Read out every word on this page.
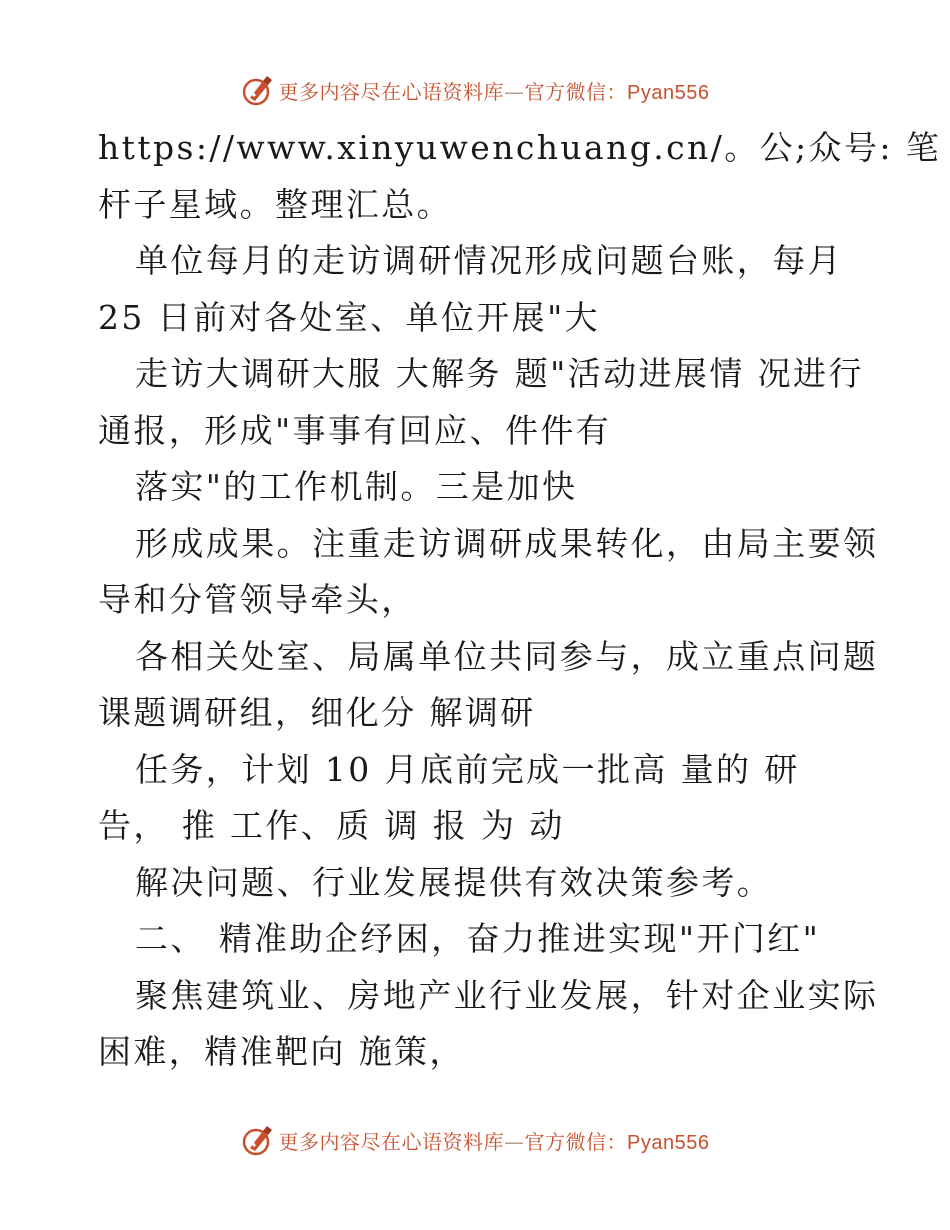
更多内容尽在心语资料库—官方微信：Pyan556
https://www.xinyuwenchuang.cn/。公;众号: 笔
杆子星域。整理汇总。
单位每月的走访调研情况形成问题台账，每月
25 日前对各处室、单位开展"大
走访大调研大服 大解务 题"活动进展情 况进行
通报，形成"事事有回应、件件有
落实"的工作机制。三是加快
形成成果。注重走访调研成果转化，由局主要领
导和分管领导牵头，
各相关处室、局属单位共同参与，成立重点问题
课题调研组，细化分 解调研
任务，计划 10 月底前完成一批高 量的 研
告， 推 工作、质 调 报 为 动
解决问题、行业发展提供有效决策参考。
二、 精准助企纾困，奋力推进实现"开门红"
聚焦建筑业、房地产业行业发展，针对企业实际
困难，精准靶向 施策，
更多内容尽在心语资料库—官方微信：Pyan556
